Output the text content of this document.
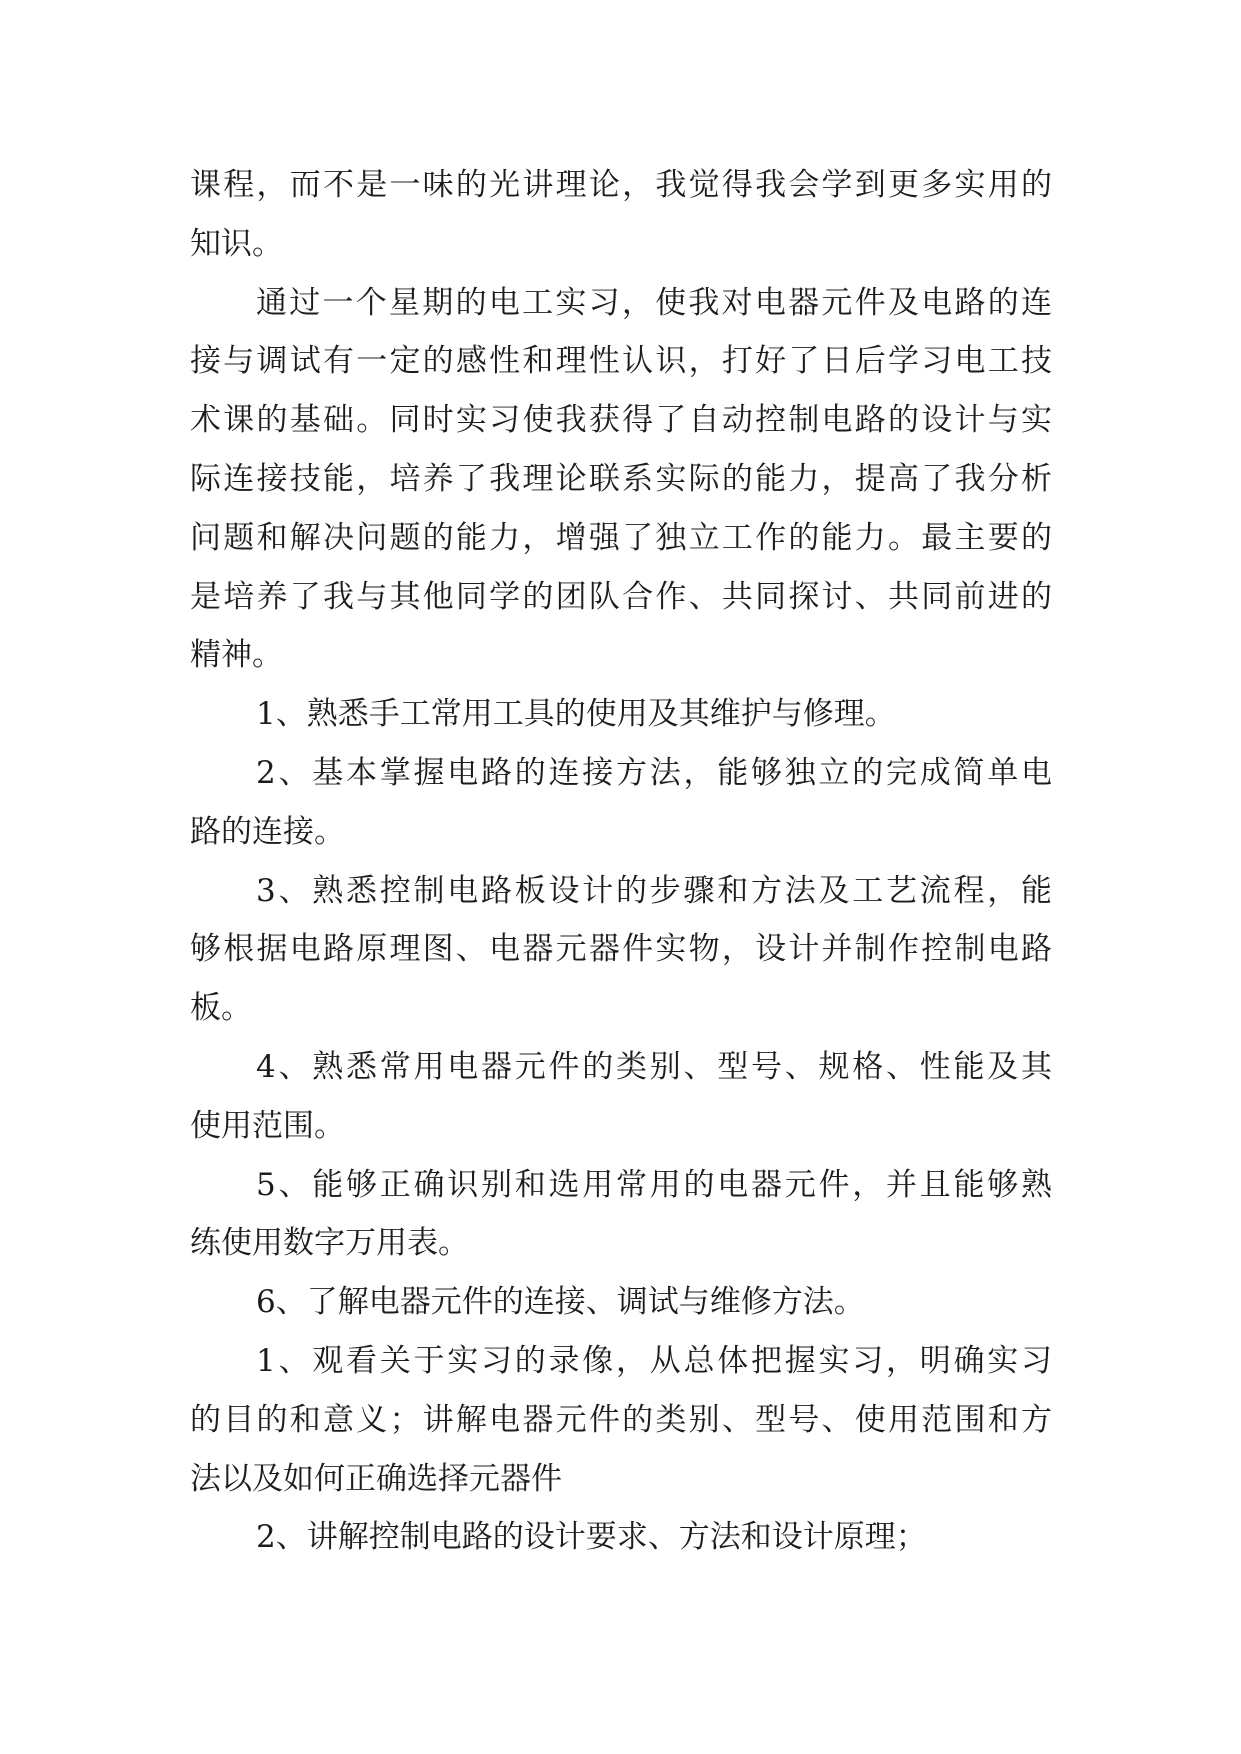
课程，而不是一味的光讲理论，我觉得我会学到更多实用的
知识。
通过一个星期的电工实习，使我对电器元件及电路的连
接与调试有一定的感性和理性认识，打好了日后学习电工技
术课的基础。同时实习使我获得了自动控制电路的设计与实
际连接技能，培养了我理论联系实际的能力，提高了我分析
问题和解决问题的能力，增强了独立工作的能力。最主要的
是培养了我与其他同学的团队合作、共同探讨、共同前进的
精神。
1、熟悉手工常用工具的使用及其维护与修理。
2、基本掌握电路的连接方法，能够独立的完成简单电
路的连接。
3、熟悉控制电路板设计的步骤和方法及工艺流程，能
够根据电路原理图、电器元器件实物，设计并制作控制电路
板。
4、熟悉常用电器元件的类别、型号、规格、性能及其
使用范围。
5、能够正确识别和选用常用的电器元件，并且能够熟
练使用数字万用表。
6、了解电器元件的连接、调试与维修方法。
1、观看关于实习的录像，从总体把握实习，明确实习
的目的和意义；讲解电器元件的类别、型号、使用范围和方
法以及如何正确选择元器件
2、讲解控制电路的设计要求、方法和设计原理；
